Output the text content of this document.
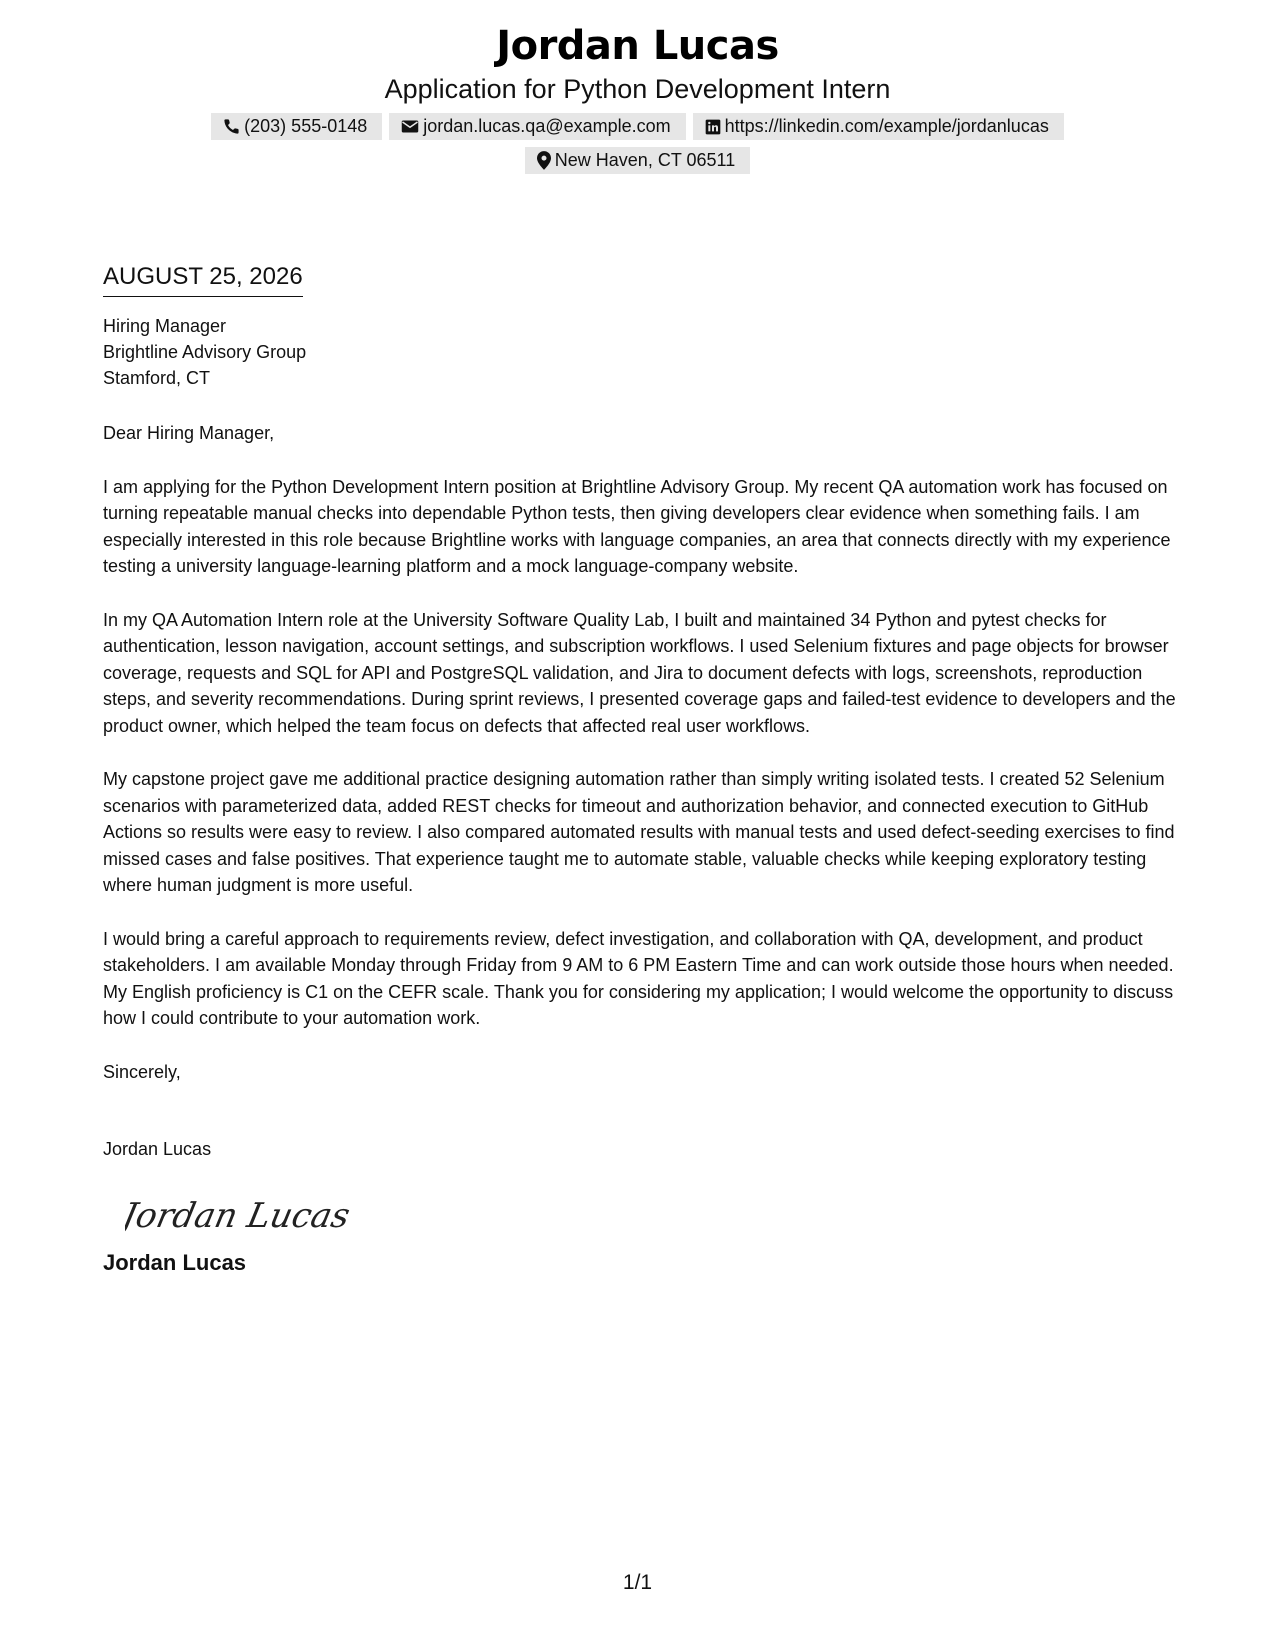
Jordan Lucas
Application for Python Development Intern
(203) 555-0148	jordan.lucas.qa@example.com	https://linkedin.com/example/jordanlucas
New Haven, CT 06511
AUGUST 25, 2026
Hiring Manager
Brightline Advisory Group
Stamford, CT
Dear Hiring Manager,
I am applying for the Python Development Intern position at Brightline Advisory Group. My recent QA automation work has focused on turning repeatable manual checks into dependable Python tests, then giving developers clear evidence when something fails. I am especially interested in this role because Brightline works with language companies, an area that connects directly with my experience testing a university language-learning platform and a mock language-company website.
In my QA Automation Intern role at the University Software Quality Lab, I built and maintained 34 Python and pytest checks for authentication, lesson navigation, account settings, and subscription workflows. I used Selenium fixtures and page objects for browser coverage, requests and SQL for API and PostgreSQL validation, and Jira to document defects with logs, screenshots, reproduction steps, and severity recommendations. During sprint reviews, I presented coverage gaps and failed-test evidence to developers and the product owner, which helped the team focus on defects that affected real user workflows.
My capstone project gave me additional practice designing automation rather than simply writing isolated tests. I created 52 Selenium scenarios with parameterized data, added REST checks for timeout and authorization behavior, and connected execution to GitHub Actions so results were easy to review. I also compared automated results with manual tests and used defect-seeding exercises to find missed cases and false positives. That experience taught me to automate stable, valuable checks while keeping exploratory testing where human judgment is more useful.
I would bring a careful approach to requirements review, defect investigation, and collaboration with QA, development, and product stakeholders. I am available Monday through Friday from 9 AM to 6 PM Eastern Time and can work outside those hours when needed. My English proficiency is C1 on the CEFR scale. Thank you for considering my application; I would welcome the opportunity to discuss how I could contribute to your automation work.
Sincerely,
Jordan Lucas
Jordan Lucas
Jordan Lucas
1/1
